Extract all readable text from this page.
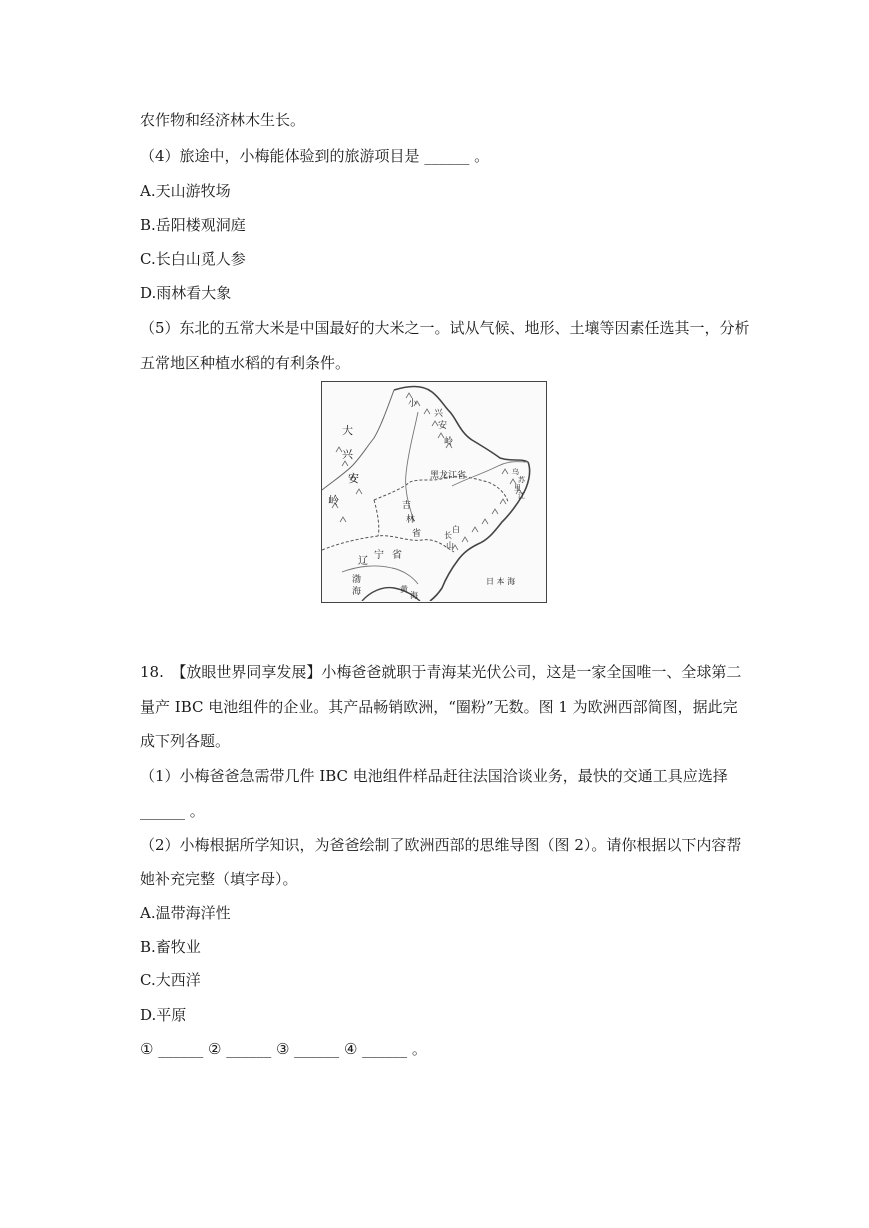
农作物和经济林木生长。
（4）旅途中，小梅能体验到的旅游项目是 ______ 。
A.天山游牧场
B.岳阳楼观洞庭
C.长白山觅人参
D.雨林看大象
（5）东北的五常大米是中国最好的大米之一。试从气候、地形、土壤等因素任选其一，分析
五常地区种植水稻的有利条件。
大
兴
安
岭
小
兴
安
岭
黑龙江省
吉
林
省	长
白
山
辽
宁 省
渤
海	黄
海
日 本 海
乌
苏
里
江
18.　【放眼世界同享发展】小梅爸爸就职于青海某光伏公司，这是一家全国唯一、全球第二
量产 IBC 电池组件的企业。其产品畅销欧洲，“圈粉”无数。图 1 为欧洲西部简图，据此完
成下列各题。
（1）小梅爸爸急需带几件 IBC 电池组件样品赶往法国洽谈业务，最快的交通工具应选择
______ 。
（2）小梅根据所学知识，为爸爸绘制了欧洲西部的思维导图（图 2）。请你根据以下内容帮
她补充完整（填字母）。
A.温带海洋性
B.畜牧业
C.大西洋
D.平原
① ______ ② ______ ③ ______ ④ ______ 。
